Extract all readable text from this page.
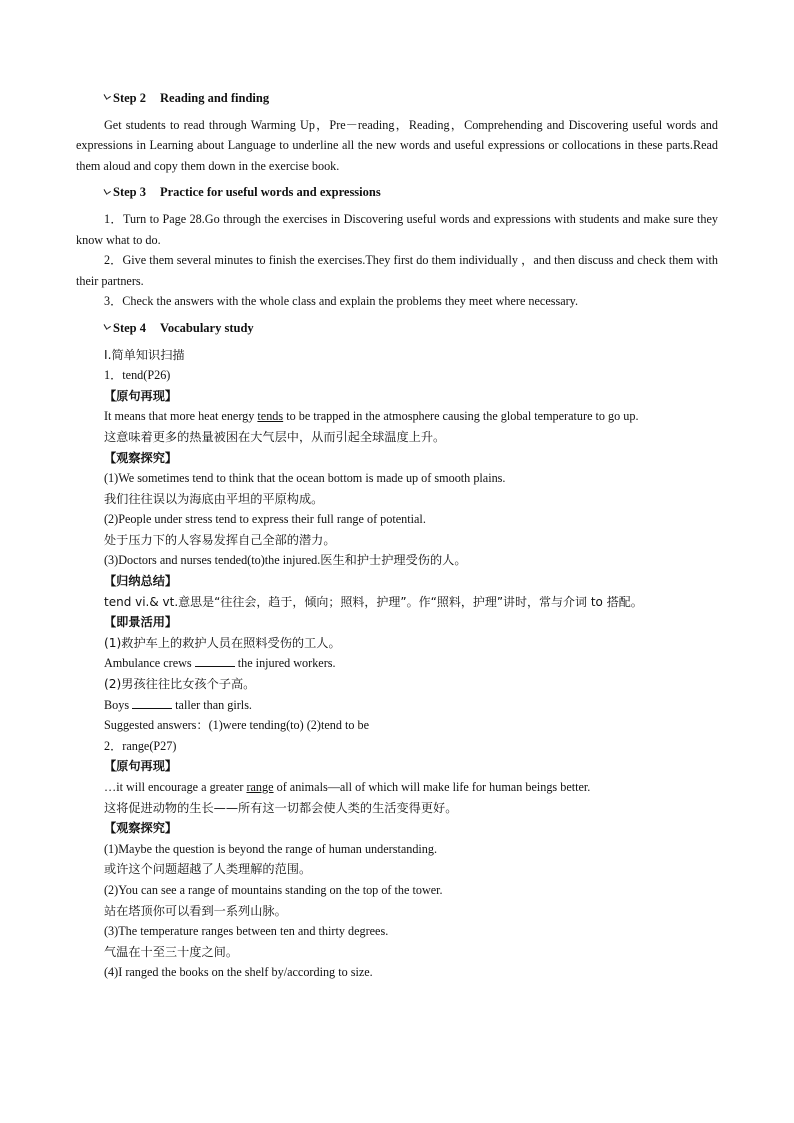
Step 2 Reading and finding
Get students to read through Warming Up，Pre－reading，Reading，Comprehending and Discovering useful words and expressions in Learning about Language to underline all the new words and useful expressions or collocations in these parts.Read them aloud and copy them down in the exercise book.
Step 3 Practice for useful words and expressions
1．Turn to Page 28.Go through the exercises in Discovering useful words and expressions with students and make sure they know what to do.
2．Give them several minutes to finish the exercises.They first do them individually ，and then discuss and check them with their partners.
3．Check the answers with the whole class and explain the problems they meet where necessary.
Step 4 Vocabulary study
Ⅰ.简单知识扫描
1．tend(P26)
【原句再现】
It means that more heat energy tends to be trapped in the atmosphere causing the global temperature to go up.
这意味着更多的热量被困在大气层中，从而引起全球温度上升。
【观察探究】
(1)We sometimes tend to think that the ocean bottom is made up of smooth plains.
我们往往误以为海底由平坦的平原构成。
(2)People under stress tend to express their full range of potential.
处于压力下的人容易发挥自己全部的潜力。
(3)Doctors and nurses tended(to)the injured.医生和护士护理受伤的人。
【归纳总结】
tend vi.& vt.意思是“往往会，趋于，倾向；照料，护理”。作“照料，护理”讲时，常与介词 to 搭配。
【即景活用】
(1)救护车上的救护人员在照料受伤的工人。
Ambulance crews	the injured workers.
(2)男孩往往比女孩个子高。
Boys	taller than girls.
Suggested answers：(1)were tending(to) (2)tend to be
2．range(P27)
【原句再现】
…it will encourage a greater range of animals—all of which will make life for human beings better.
这将促进动物的生长——所有这一切都会使人类的生活变得更好。
【观察探究】
(1)Maybe the question is beyond the range of human understanding.
或许这个问题超越了人类理解的范围。
(2)You can see a range of mountains standing on the top of the tower.
站在塔顶你可以看到一系列山脉。
(3)The temperature ranges between ten and thirty degrees.
气温在十至三十度之间。
(4)I ranged the books on the shelf by/according to size.
